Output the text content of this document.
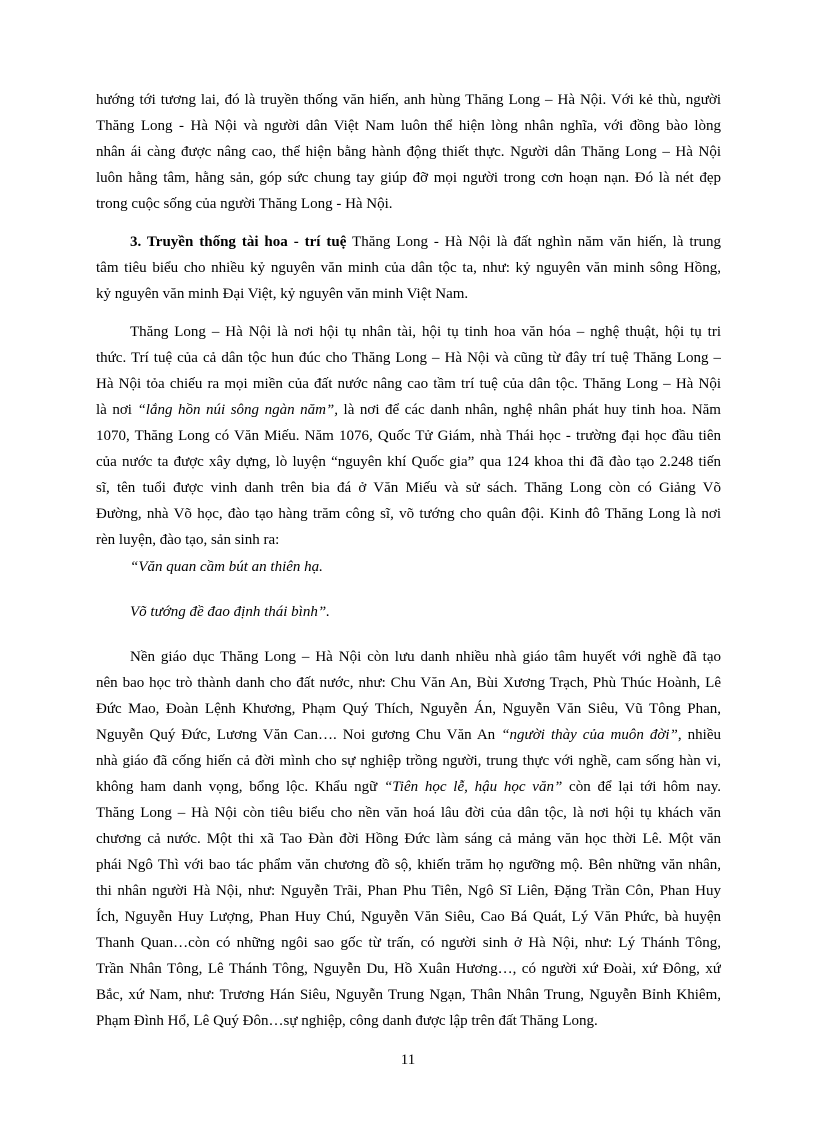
hướng tới tương lai, đó là truyền thống văn hiến, anh hùng Thăng Long – Hà Nội. Với kẻ thù, người
Thăng Long - Hà Nội và người dân Việt Nam luôn thể hiện lòng nhân nghĩa, với đồng bào lòng
nhân ái càng được nâng cao, thể hiện bằng hành động thiết thực. Người dân Thăng Long – Hà Nội
luôn hằng tâm, hằng sản, góp sức chung tay giúp đỡ mọi người trong cơn hoạn nạn. Đó là nét đẹp
trong cuộc sống của người Thăng Long - Hà Nội.
3. Truyền thống tài hoa - trí tuệ Thăng Long - Hà Nội là đất nghìn năm văn hiến, là trung
tâm tiêu biểu cho nhiều kỷ nguyên văn minh của dân tộc ta, như: kỷ nguyên văn minh sông Hồng,
kỷ nguyên văn minh Đại Việt, kỷ nguyên văn minh Việt Nam.
Thăng Long – Hà Nội là nơi hội tụ nhân tài, hội tụ tinh hoa văn hóa – nghệ thuật, hội tụ tri
thức. Trí tuệ của cả dân tộc hun đúc cho Thăng Long – Hà Nội và cũng từ đây trí tuệ Thăng Long –
Hà Nội tỏa chiếu ra mọi miền của đất nước nâng cao tầm trí tuệ của dân tộc. Thăng Long – Hà Nội
là nơi “lắng hồn núi sông ngàn năm”, là nơi để các danh nhân, nghệ nhân phát huy tinh hoa. Năm
1070, Thăng Long có Văn Miếu. Năm 1076, Quốc Tử Giám, nhà Thái học - trường đại học đầu tiên
của nước ta được xây dựng, lò luyện “nguyên khí Quốc gia” qua 124 khoa thi đã đào tạo 2.248 tiến
sĩ, tên tuổi được vinh danh trên bia đá ở Văn Miếu và sử sách. Thăng Long còn có Giảng Võ
Đường, nhà Võ học, đào tạo hàng trăm công sĩ, võ tướng cho quân đội. Kinh đô Thăng Long là nơi
rèn luyện, đào tạo, sản sinh ra:
“Văn quan cầm bút an thiên hạ.
Võ tướng đề đao định thái bình”.
Nền giáo dục Thăng Long – Hà Nội còn lưu danh nhiều nhà giáo tâm huyết với nghề đã tạo
nên bao học trò thành danh cho đất nước, như: Chu Văn An, Bùi Xương Trạch, Phù Thúc Hoành, Lê
Đức Mao, Đoàn Lệnh Khương, Phạm Quý Thích, Nguyễn Án, Nguyễn Văn Siêu, Vũ Tông Phan,
Nguyễn Quý Đức, Lương Văn Can…. Noi gương Chu Văn An “người thày của muôn đời”, nhiều
nhà giáo đã cống hiến cả đời mình cho sự nghiệp trồng người, trung thực với nghề, cam sống hàn vi,
không ham danh vọng, bổng lộc. Khẩu ngữ “Tiên học lễ, hậu học văn” còn để lại tới hôm nay.
Thăng Long – Hà Nội còn tiêu biểu cho nền văn hoá lâu đời của dân tộc, là nơi hội tụ khách văn
chương cả nước. Một thi xã Tao Đàn đời Hồng Đức làm sáng cả mảng văn học thời Lê. Một văn
phái Ngô Thì với bao tác phẩm văn chương đồ sộ, khiến trăm họ ngưỡng mộ. Bên những văn nhân,
thi nhân người Hà Nội, như: Nguyễn Trãi, Phan Phu Tiên, Ngô Sĩ Liên, Đặng Trần Côn, Phan Huy
Ích, Nguyễn Huy Lượng, Phan Huy Chú, Nguyễn Văn Siêu, Cao Bá Quát, Lý Văn Phức, bà huyện
Thanh Quan…còn có những ngôi sao gốc từ trấn, có người sinh ở Hà Nội, như: Lý Thánh Tông,
Trần Nhân Tông, Lê Thánh Tông, Nguyễn Du, Hồ Xuân Hương…, có người xứ Đoài, xứ Đông, xứ
Bắc, xứ Nam, như: Trương Hán Siêu, Nguyễn Trung Ngạn, Thân Nhân Trung, Nguyễn Bỉnh Khiêm,
Phạm Đình Hổ, Lê Quý Đôn…sự nghiệp, công danh được lập trên đất Thăng Long.
11
